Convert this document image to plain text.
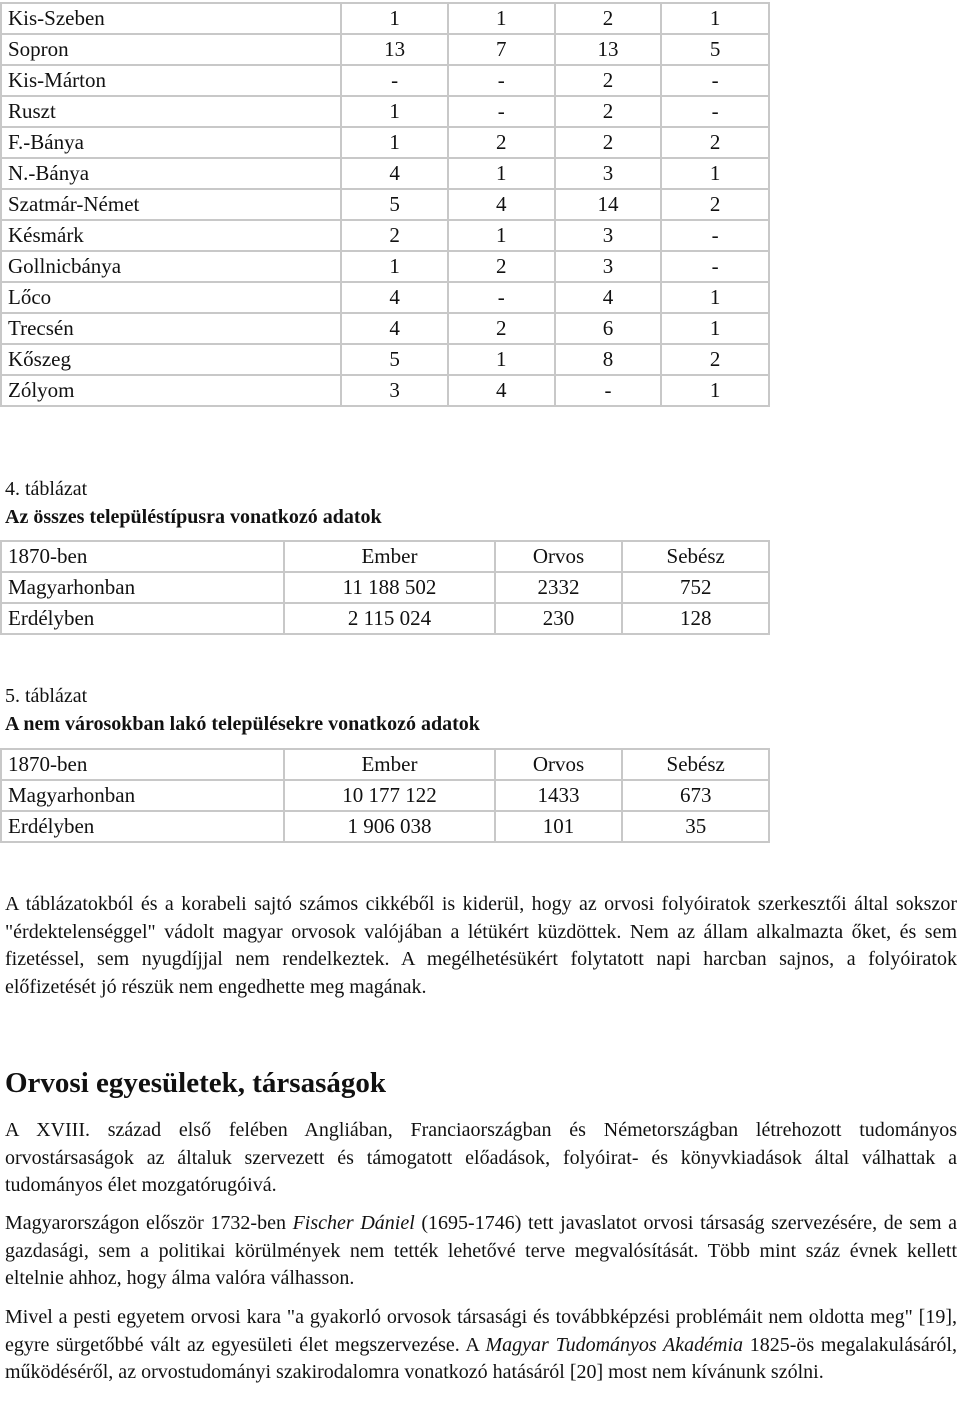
Kis-Szeben	1	1	2	1
Sopron	13	7	13	5
Kis-Márton	-	-	2	-
Ruszt	1	-	2	-
F.-Bánya	1	2	2	2
N.-Bánya	4	1	3	1
Szatmár-Német	5	4	14	2
Késmárk	2	1	3	-
Gollnicbánya	1	2	3	-
Lőco	4	-	4	1
Trecsén	4	2	6	1
Kőszeg	5	1	8	2
Zólyom	3	4	-	1
4. táblázat
Az összes településtípusra vonatkozó adatok
1870-ben	Ember	Orvos	Sebész
Magyarhonban	11 188 502	2332	752
Erdélyben	2 115 024	230	128
5. táblázat
A nem városokban lakó településekre vonatkozó adatok
1870-ben	Ember	Orvos	Sebész
Magyarhonban	10 177 122	1433	673
Erdélyben	1 906 038	101	35

A táblázatokból és a korabeli sajtó számos cikkéből is kiderül, hogy az orvosi folyóiratok szerkesztői által sokszor "érdektelenséggel" vádolt magyar orvosok valójában a létükért küzdöttek. Nem az állam alkalmazta őket, és sem fizetéssel, sem nyugdíjjal nem rendelkeztek. A megélhetésükért folytatott napi harcban sajnos, a folyóiratok előfizetését jó részük nem engedhette meg magának.

Orvosi egyesületek, társaságok

A XVIII. század első felében Angliában, Franciaországban és Németországban létrehozott tudományos orvostársaságok az általuk szervezett és támogatott előadások, folyóirat- és könyvkiadások által válhattak a tudományos élet mozgatórugóivá.

Magyarországon először 1732-ben Fischer Dániel (1695-1746) tett javaslatot orvosi társaság szervezésére, de sem a gazdasági, sem a politikai körülmények nem tették lehetővé terve megvalósítását. Több mint száz évnek kellett eltelnie ahhoz, hogy álma valóra válhasson.

Mivel a pesti egyetem orvosi kara "a gyakorló orvosok társasági és továbbképzési problémáit nem oldotta meg" [19], egyre sürgetőbbé vált az egyesületi élet megszervezése. A Magyar Tudományos Akadémia 1825-ös megalakulásáról, működéséről, az orvostudományi szakirodalomra vonatkozó hatásáról [20] most nem kívánunk szólni.
